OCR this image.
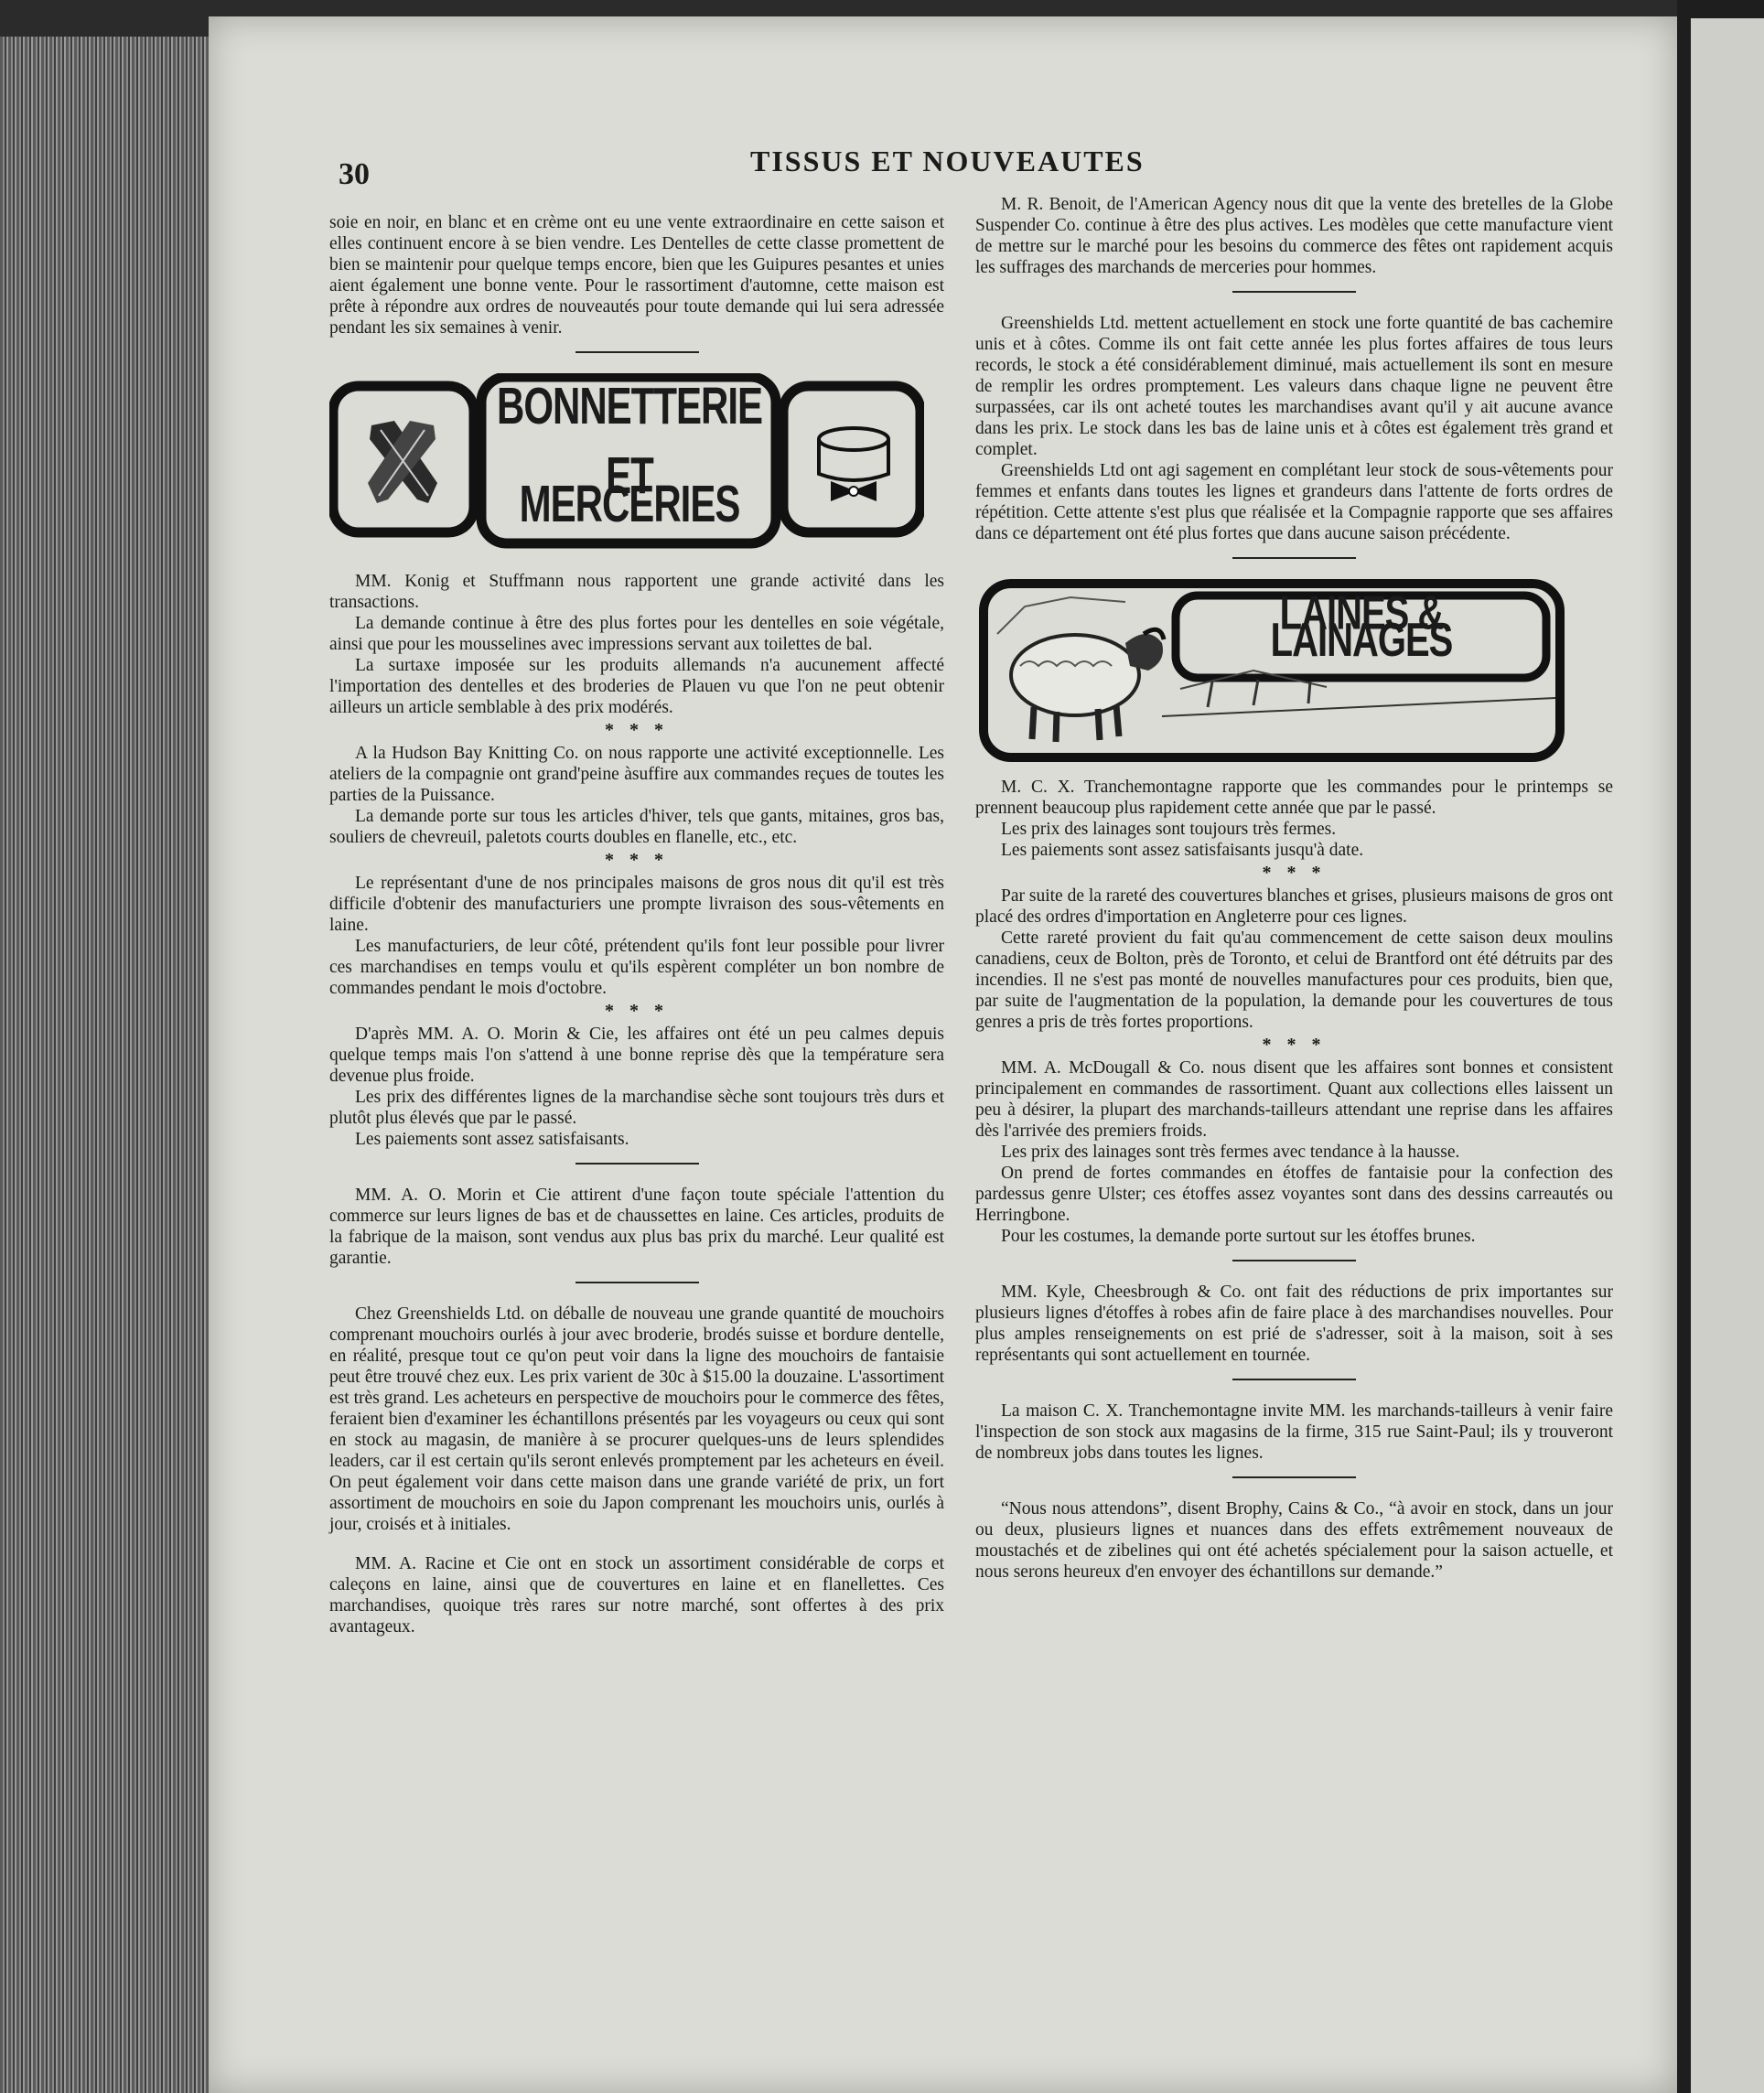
30	TISSUS ET NOUVEAUTES

soie en noir, en blanc et en crème ont eu une vente extraordinaire en cette saison et elles continuent encore à se bien vendre. Les Dentelles de cette classe promettent de bien se maintenir pour quelque temps encore, bien que les Guipures pesantes et unies aient également une bonne vente. Pour le rassortiment d'automne, cette maison est prête à répondre aux ordres de nouveautés pour toute demande qui lui sera adressée pendant les six semaines à venir.

BONNETTERIE
ET MERCERIES

MM. Konig et Stuffmann nous rapportent une grande activité dans les transactions.

La demande continue à être des plus fortes pour les dentelles en soie végétale, ainsi que pour les mousselines avec impressions servant aux toilettes de bal.

La surtaxe imposée sur les produits allemands n'a aucunement affecté l'importation des dentelles et des broderies de Plauen vu que l'on ne peut obtenir ailleurs un article semblable à des prix modérés.

* * *

A la Hudson Bay Knitting Co. on nous rapporte une activité exceptionnelle. Les ateliers de la compagnie ont grand'peine àsuffire aux commandes reçues de toutes les parties de la Puissance.

La demande porte sur tous les articles d'hiver, tels que gants, mitaines, gros bas, souliers de chevreuil, paletots courts doubles en flanelle, etc., etc.

* * *

Le représentant d'une de nos principales maisons de gros nous dit qu'il est très difficile d'obtenir des manufacturiers une prompte livraison des sous-vêtements en laine.

Les manufacturiers, de leur côté, prétendent qu'ils font leur possible pour livrer ces marchandises en temps voulu et qu'ils espèrent compléter un bon nombre de commandes pendant le mois d'octobre.

* * *

D'après MM. A. O. Morin & Cie, les affaires ont été un peu calmes depuis quelque temps mais l'on s'attend à une bonne reprise dès que la température sera devenue plus froide.

Les prix des différentes lignes de la marchandise sèche sont toujours très durs et plutôt plus élevés que par le passé.

Les paiements sont assez satisfaisants.

MM. A. O. Morin et Cie attirent d'une façon toute spéciale l'attention du commerce sur leurs lignes de bas et de chaussettes en laine. Ces articles, produits de la fabrique de la maison, sont vendus aux plus bas prix du marché. Leur qualité est garantie.

Chez Greenshields Ltd. on déballe de nouveau une grande quantité de mouchoirs comprenant mouchoirs ourlés à jour avec broderie, brodés suisse et bordure dentelle, en réalité, presque tout ce qu'on peut voir dans la ligne des mouchoirs de fantaisie peut être trouvé chez eux. Les prix varient de 30c à $15.00 la douzaine. L'assortiment est très grand. Les acheteurs en perspective de mouchoirs pour le commerce des fêtes, feraient bien d'examiner les échantillons présentés par les voyageurs ou ceux qui sont en stock au magasin, de manière à se procurer quelques-uns de leurs splendides leaders, car il est certain qu'ils seront enlevés promptement par les acheteurs en éveil. On peut également voir dans cette maison dans une grande variété de prix, un fort assortiment de mouchoirs en soie du Japon comprenant les mouchoirs unis, ourlés à jour, croisés et à initiales.

MM. A. Racine et Cie ont en stock un assortiment considérable de corps et caleçons en laine, ainsi que de couvertures en laine et en flanellettes. Ces marchandises, quoique très rares sur notre marché, sont offertes à des prix avantageux.

M. R. Benoit, de l'American Agency nous dit que la vente des bretelles de la Globe Suspender Co. continue à être des plus actives. Les modèles que cette manufacture vient de mettre sur le marché pour les besoins du commerce des fêtes ont rapidement acquis les suffrages des marchands de merceries pour hommes.

Greenshields Ltd. mettent actuellement en stock une forte quantité de bas cachemire unis et à côtes. Comme ils ont fait cette année les plus fortes affaires de tous leurs records, le stock a été considérablement diminué, mais actuellement ils sont en mesure de remplir les ordres promptement. Les valeurs dans chaque ligne ne peuvent être surpassées, car ils ont acheté toutes les marchandises avant qu'il y ait aucune avance dans les prix. Le stock dans les bas de laine unis et à côtes est également très grand et complet.

Greenshields Ltd ont agi sagement en complétant leur stock de sous-vêtements pour femmes et enfants dans toutes les lignes et grandeurs dans l'attente de forts ordres de répétition. Cette attente s'est plus que réalisée et la Compagnie rapporte que ses affaires dans ce département ont été plus fortes que dans aucune saison précédente.

LAINES & LAINAGES

M. C. X. Tranchemontagne rapporte que les commandes pour le printemps se prennent beaucoup plus rapidement cette année que par le passé.

Les prix des lainages sont toujours très fermes.

Les paiements sont assez satisfaisants jusqu'à date.

* * *

Par suite de la rareté des couvertures blanches et grises, plusieurs maisons de gros ont placé des ordres d'importation en Angleterre pour ces lignes.

Cette rareté provient du fait qu'au commencement de cette saison deux moulins canadiens, ceux de Bolton, près de Toronto, et celui de Brantford ont été détruits par des incendies. Il ne s'est pas monté de nouvelles manufactures pour ces produits, bien que, par suite de l'augmentation de la population, la demande pour les couvertures de tous genres a pris de très fortes proportions.

* * *

MM. A. McDougall & Co. nous disent que les affaires sont bonnes et consistent principalement en commandes de rassortiment. Quant aux collections elles laissent un peu à désirer, la plupart des marchands-tailleurs attendant une reprise dans les affaires dès l'arrivée des premiers froids.

Les prix des lainages sont très fermes avec tendance à la hausse.

On prend de fortes commandes en étoffes de fantaisie pour la confection des pardessus genre Ulster; ces étoffes assez voyantes sont dans des dessins carreautés ou Herringbone.

Pour les costumes, la demande porte surtout sur les étoffes brunes.

MM. Kyle, Cheesbrough & Co. ont fait des réductions de prix importantes sur plusieurs lignes d'étoffes à robes afin de faire place à des marchandises nouvelles. Pour plus amples renseignements on est prié de s'adresser, soit à la maison, soit à ses représentants qui sont actuellement en tournée.

La maison C. X. Tranchemontagne invite MM. les marchands-tailleurs à venir faire l'inspection de son stock aux magasins de la firme, 315 rue Saint-Paul; ils y trouveront de nombreux jobs dans toutes les lignes.

“Nous nous attendons”, disent Brophy, Cains & Co., “à avoir en stock, dans un jour ou deux, plusieurs lignes et nuances dans des effets extrêmement nouveaux de moustachés et de zibelines qui ont été achetés spécialement pour la saison actuelle, et nous serons heureux d'en envoyer des échantillons sur demande.”
